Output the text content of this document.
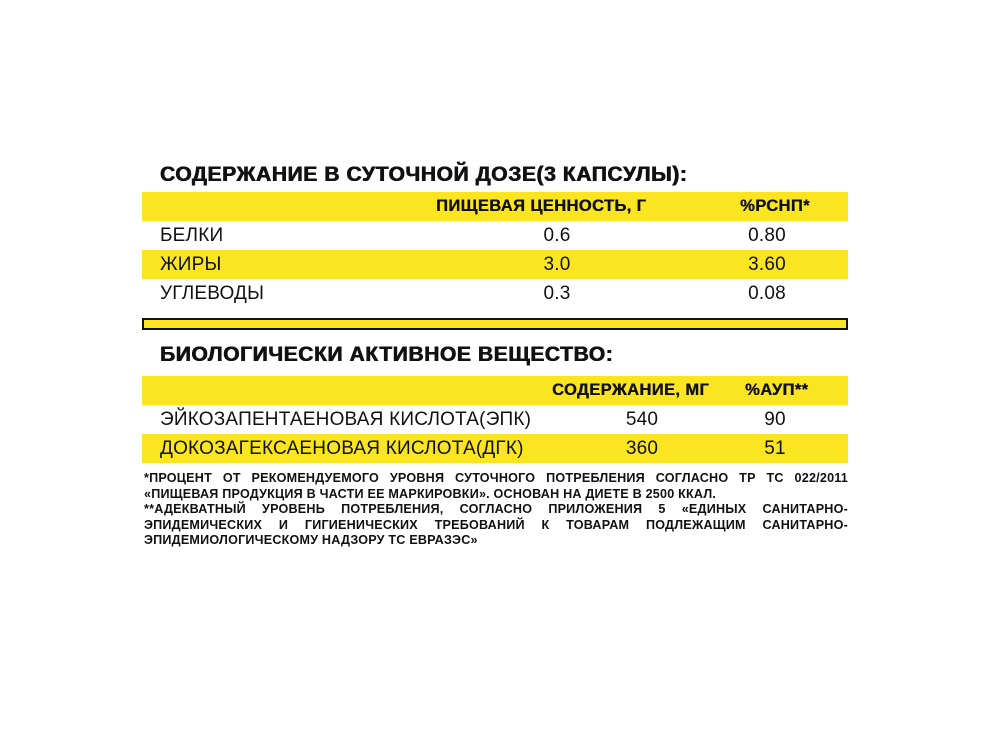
СОДЕРЖАНИЕ В СУТОЧНОЙ ДОЗЕ(3 КАПСУЛЫ):
ПИЩЕВАЯ ЦЕННОСТЬ, Г	%РСНП*
БЕЛКИ	0.6	0.80
ЖИРЫ	3.0	3.60
УГЛЕВОДЫ	0.3	0.08
БИОЛОГИЧЕСКИ АКТИВНОЕ ВЕЩЕСТВО:
СОДЕРЖАНИЕ, МГ %АУП**
ЭЙКОЗАПЕНТАЕНОВАЯ КИСЛОТА(ЭПК)	540	90
ДОКОЗАГЕКСАЕНОВАЯ КИСЛОТА(ДГК)	360	51

*ПРОЦЕНТ ОТ РЕКОМЕНДУЕМОГО УРОВНЯ СУТОЧНОГО ПОТРЕБЛЕНИЯ СОГЛАСНО ТР ТС 022/2011 «ПИЩЕВАЯ ПРОДУКЦИЯ В ЧАСТИ ЕЕ МАРКИРОВКИ». ОСНОВАН НА ДИЕТЕ В 2500 ККАЛ.

**АДЕКВАТНЫЙ УРОВЕНЬ ПОТРЕБЛЕНИЯ, СОГЛАСНО ПРИЛОЖЕНИЯ 5 «ЕДИНЫХ САНИТАРНО-ЭПИДЕМИЧЕСКИХ И ГИГИЕНИЧЕСКИХ ТРЕБОВАНИЙ К ТОВАРАМ ПОДЛЕЖАЩИМ САНИТАРНО-ЭПИДЕМИОЛОГИЧЕСКОМУ НАДЗОРУ ТС ЕВРАЗЭС»
